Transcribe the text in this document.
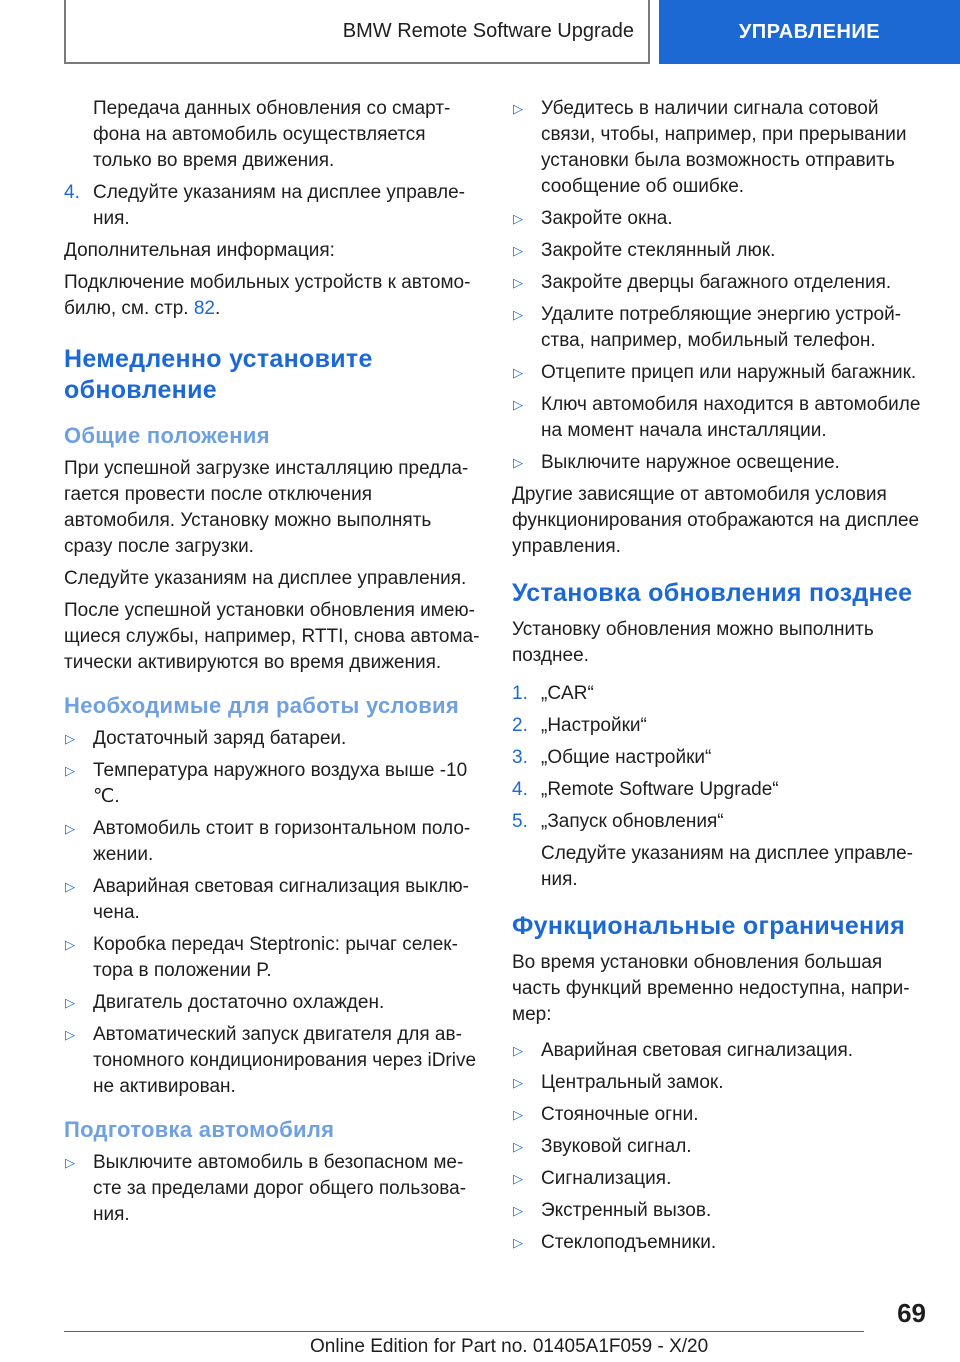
BMW Remote Software Upgrade	УПРАВЛЕНИЕ

Передача данных обновления со смарт-фона на автомобиль осуществляется только во время движения.

4. Следуйте указаниям на дисплее управле-ния.

Дополнительная информация:

Подключение мобильных устройств к автомо-билю, см. стр. 82.

Немедленно установите обновление
Общие положения

При успешной загрузке инсталляцию предла-гается провести после отключения автомобиля. Установку можно выполнять сразу после загрузки.

Следуйте указаниям на дисплее управления.

После успешной установки обновления имею-щиеся службы, например, RTTI, снова автома-тически активируются во время движения.

Необходимые для работы условия
▷ Достаточный заряд батареи.
▷ Температура наружного воздуха выше -10 ℃.
▷ Автомобиль стоит в горизонтальном поло-жении.
▷ Аварийная световая сигнализация выклю-чена.
▷ Коробка передач Steptronic: рычаг селек-тора в положении P.
▷ Двигатель достаточно охлажден.
▷ Автоматический запуск двигателя для ав-тономного кондиционирования через iDrive не активирован.
Подготовка автомобиля
▷ Выключите автомобиль в безопасном ме-сте за пределами дорог общего пользова-ния.
▷ Убедитесь в наличии сигнала сотовой связи, чтобы, например, при прерывании установки была возможность отправить сообщение об ошибке.
▷ Закройте окна.
▷ Закройте стеклянный люк.
▷ Закройте дверцы багажного отделения.
▷ Удалите потребляющие энергию устрой-ства, например, мобильный телефон.
▷ Отцепите прицеп или наружный багажник.
▷ Ключ автомобиля находится в автомобиле на момент начала инсталляции.
▷ Выключите наружное освещение.

Другие зависящие от автомобиля условия функционирования отображаются на дисплее управления.

Установка обновления позднее

Установку обновления можно выполнить позднее.

1. „CAR“
2. „Настройки“
3. „Общие настройки“
4. „Remote Software Upgrade“
5. „Запуск обновления“

Следуйте указаниям на дисплее управле-ния.

Функциональные ограничения

Во время установки обновления большая часть функций временно недоступна, напри-мер:

▷ Аварийная световая сигнализация.
▷ Центральный замок.
▷ Стояночные огни.
▷ Звуковой сигнал.
▷ Сигнализация.
▷ Экстренный вызов.
▷ Стеклоподъемники.
69
Online Edition for Part no. 01405A1F059 - X/20
